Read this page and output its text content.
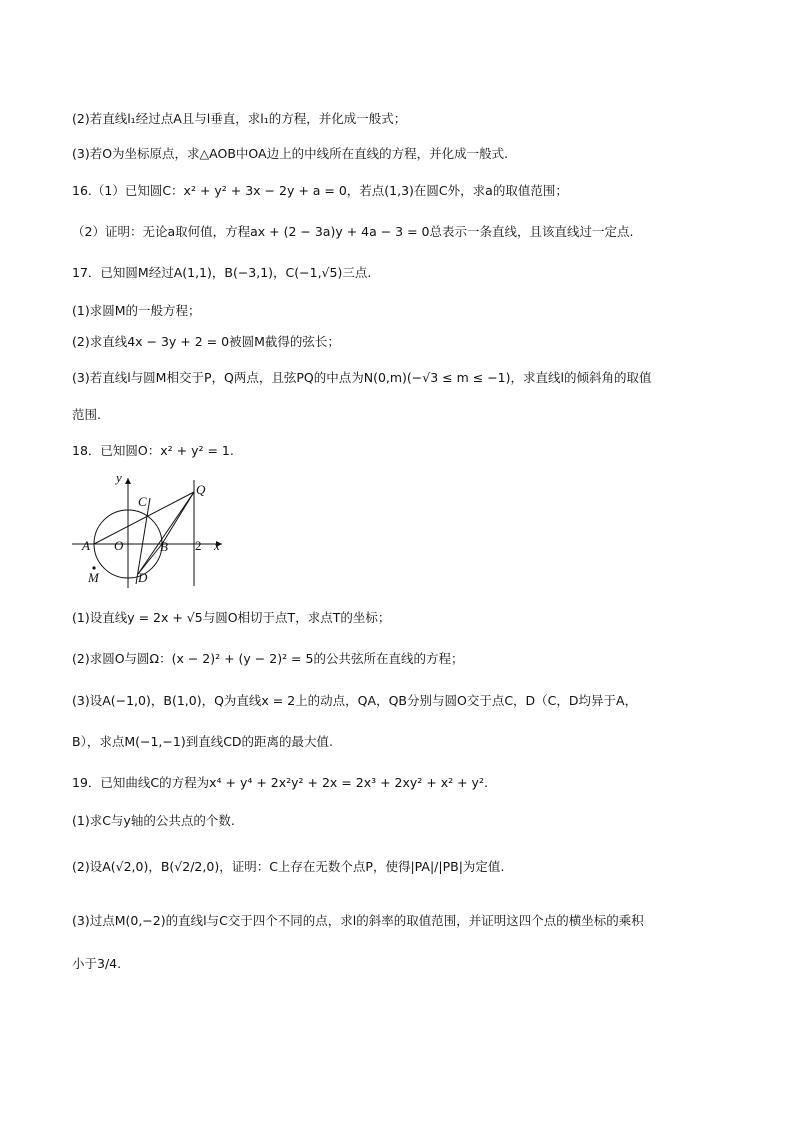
(2)若直线l₁经过点A且与l垂直，求l₁的方程，并化成一般式；
(3)若O为坐标原点，求△AOB中OA边上的中线所在直线的方程，并化成一般式.
16.（1）已知圆C：x² + y² + 3x − 2y + a = 0，若点(1,3)在圆C外，求a的取值范围；
（2）证明：无论a取何值，方程ax + (2 − 3a)y + 4a − 3 = 0总表示一条直线，且该直线过一定点.
17．已知圆M经过A(1,1)，B(−3,1)，C(−1,√5)三点.
(1)求圆M的一般方程；
(2)求直线4x − 3y + 2 = 0被圆M截得的弦长；
(3)若直线l与圆M相交于P，Q两点，且弦PQ的中点为N(0,m)(−√3 ≤ m ≤ −1)，求直线l的倾斜角的取值
范围.
18．已知圆O：x² + y² = 1.
y
x
A O	B 2
C
D
Q
M
(1)设直线y = 2x + √5与圆O相切于点T，求点T的坐标；
(2)求圆O与圆Ω：(x − 2)² + (y − 2)² = 5的公共弦所在直线的方程；
(3)设A(−1,0)，B(1,0)，Q为直线x = 2上的动点，QA，QB分别与圆O交于点C，D（C，D均异于A，
B），求点M(−1,−1)到直线CD的距离的最大值.
19．已知曲线C的方程为x⁴ + y⁴ + 2x²y² + 2x = 2x³ + 2xy² + x² + y².
(1)求C与y轴的公共点的个数.
(2)设A(√2,0)，B(√2/2,0)，证明：C上存在无数个点P，使得|PA|/|PB|为定值.
(3)过点M(0,−2)的直线l与C交于四个不同的点，求l的斜率的取值范围，并证明这四个点的横坐标的乘积
小于3/4.
